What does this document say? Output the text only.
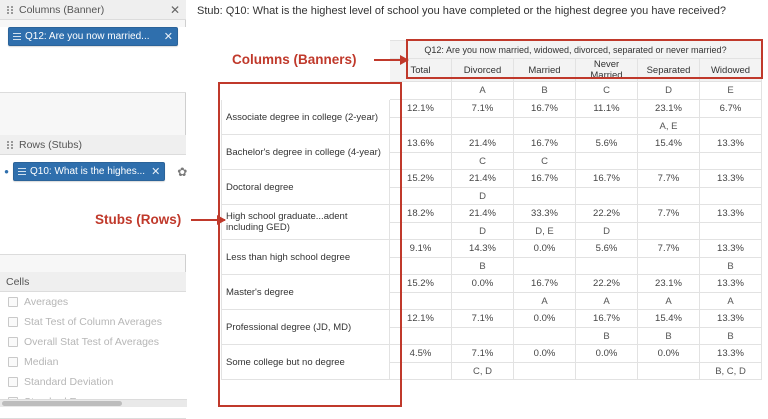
Columns (Banner)	✕
Q12: Are you now married...	✕
Rows (Stubs)
•	Q10: What is the highes... ✕	✿
Cells
Averages
Stat Test of Column Averages
Overall Stat Test of Averages
Median
Standard Deviation
Stub: Q10: What is the highest level of school you have completed or the highest degree you have received?
	Q12: Are you now married, widowed, divorced, separated or never married?					
	Total	Divorced	Married	Never Married	Separated	Widowed
		A	B	C	D	E
Associate degree in college (2-year)	12.1%	7.1%	16.7%	11.1%	23.1%	6.7%
					A, E	
Bachelor's degree in college (4-year)	13.6%	21.4%	16.7%	5.6%	15.4%	13.3%
		C	C			
Doctoral degree	15.2%	21.4%	16.7%	16.7%	7.7%	13.3%
		D				
High school graduate...adent including GED)	18.2%	21.4%	33.3%	22.2%	7.7%	13.3%
		D	D, E	D		
Less than high school degree	9.1%	14.3%	0.0%	5.6%	7.7%	13.3%
		B				B
Master's degree	15.2%	0.0%	16.7%	22.2%	23.1%	13.3%
			A	A	A	A
Professional degree (JD, MD)	12.1%	7.1%	0.0%	16.7%	15.4%	13.3%
				B	B	B
Some college but no degree	4.5%	7.1%	0.0%	0.0%	0.0%	13.3%
		C, D				B, C, D
Columns (Banners)
Stubs (Rows)
